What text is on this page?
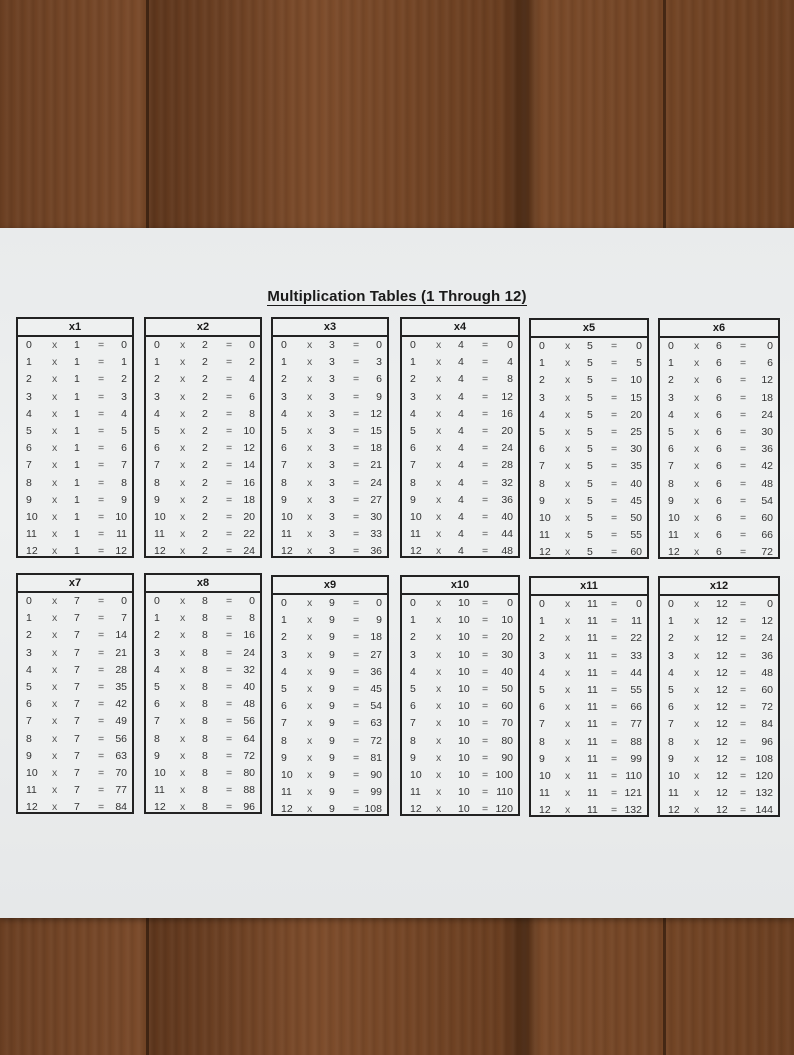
Multiplication Tables (1 Through 12)
x1
0 x 1 = 0
1 x 1 = 1
2 x 1 = 2
3 x 1 = 3
4 x 1 = 4
5 x 1 = 5
6 x 1 = 6
7 x 1 = 7
8 x 1 = 8
9 x 1 = 9
10 x 1 = 10
11 x 1 = 11
12 x 1 = 12
x2
0 x 2 = 0
1 x 2 = 2
2 x 2 = 4
3 x 2 = 6
4 x 2 = 8
5 x 2 = 10
6 x 2 = 12
7 x 2 = 14
8 x 2 = 16
9 x 2 = 18
10 x 2 = 20
11 x 2 = 22
12 x 2 = 24
x3
0 x 3 = 0
1 x 3 = 3
2 x 3 = 6
3 x 3 = 9
4 x 3 = 12
5 x 3 = 15
6 x 3 = 18
7 x 3 = 21
8 x 3 = 24
9 x 3 = 27
10 x 3 = 30
11 x 3 = 33
12 x 3 = 36
x4
0 x 4 = 0
1 x 4 = 4
2 x 4 = 8
3 x 4 = 12
4 x 4 = 16
5 x 4 = 20
6 x 4 = 24
7 x 4 = 28
8 x 4 = 32
9 x 4 = 36
10 x 4 = 40
11 x 4 = 44
12 x 4 = 48
x5
0 x 5 = 0
1 x 5 = 5
2 x 5 = 10
3 x 5 = 15
4 x 5 = 20
5 x 5 = 25
6 x 5 = 30
7 x 5 = 35
8 x 5 = 40
9 x 5 = 45
10 x 5 = 50
11 x 5 = 55
12 x 5 = 60
x6
0 x 6 = 0
1 x 6 = 6
2 x 6 = 12
3 x 6 = 18
4 x 6 = 24
5 x 6 = 30
6 x 6 = 36
7 x 6 = 42
8 x 6 = 48
9 x 6 = 54
10 x 6 = 60
11 x 6 = 66
12 x 6 = 72
x7
0 x 7 = 0
1 x 7 = 7
2 x 7 = 14
3 x 7 = 21
4 x 7 = 28
5 x 7 = 35
6 x 7 = 42
7 x 7 = 49
8 x 7 = 56
9 x 7 = 63
10 x 7 = 70
11 x 7 = 77
12 x 7 = 84
x8
0 x 8 = 0
1 x 8 = 8
2 x 8 = 16
3 x 8 = 24
4 x 8 = 32
5 x 8 = 40
6 x 8 = 48
7 x 8 = 56
8 x 8 = 64
9 x 8 = 72
10 x 8 = 80
11 x 8 = 88
12 x 8 = 96
x9
0 x 9 = 0
1 x 9 = 9
2 x 9 = 18
3 x 9 = 27
4 x 9 = 36
5 x 9 = 45
6 x 9 = 54
7 x 9 = 63
8 x 9 = 72
9 x 9 = 81
10 x 9 = 90
11 x 9 = 99
12 x 9 = 108
x10
0 x 10 = 0
1 x 10 = 10
2 x 10 = 20
3 x 10 = 30
4 x 10 = 40
5 x 10 = 50
6 x 10 = 60
7 x 10 = 70
8 x 10 = 80
9 x 10 = 90
10 x 10 = 100
11 x 10 = 110
12 x 10 = 120
x11
0 x 11 = 0
1 x 11 = 11
2 x 11 = 22
3 x 11 = 33
4 x 11 = 44
5 x 11 = 55
6 x 11 = 66
7 x 11 = 77
8 x 11 = 88
9 x 11 = 99
10 x 11 = 110
11 x 11 = 121
12 x 11 = 132
x12
0 x 12 = 0
1 x 12 = 12
2 x 12 = 24
3 x 12 = 36
4 x 12 = 48
5 x 12 = 60
6 x 12 = 72
7 x 12 = 84
8 x 12 = 96
9 x 12 = 108
10 x 12 = 120
11 x 12 = 132
12 x 12 = 144
